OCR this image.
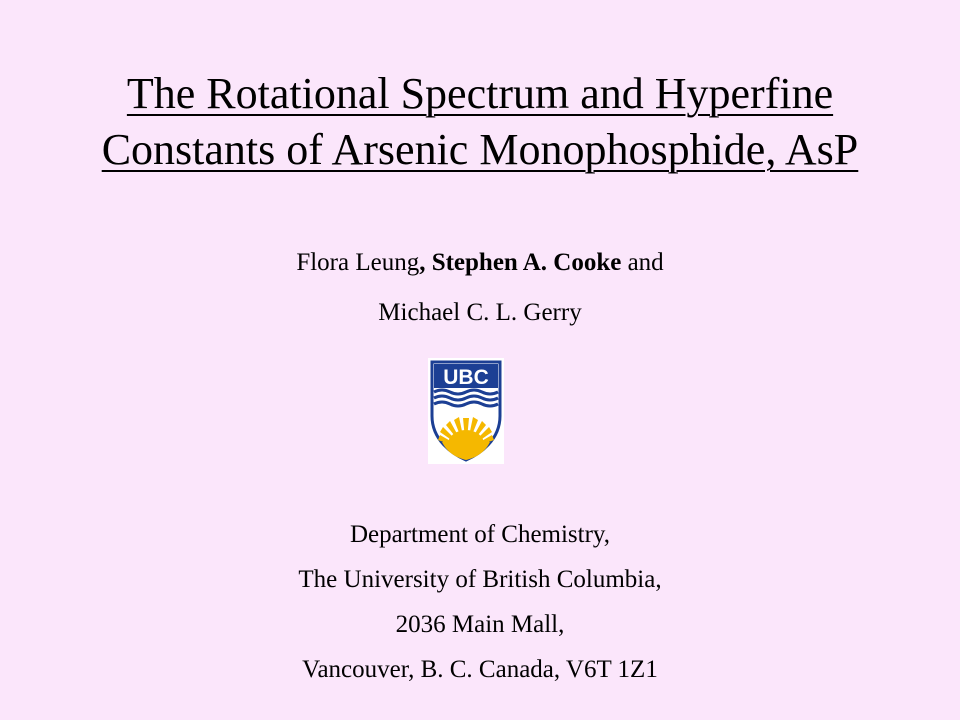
The Rotational Spectrum and Hyperfine
Constants of Arsenic Monophosphide, AsP
Flora Leung, Stephen A. Cooke and
Michael C. L. Gerry
UBC
Department of Chemistry,
The University of British Columbia,
2036 Main Mall,
Vancouver, B. C. Canada, V6T 1Z1
